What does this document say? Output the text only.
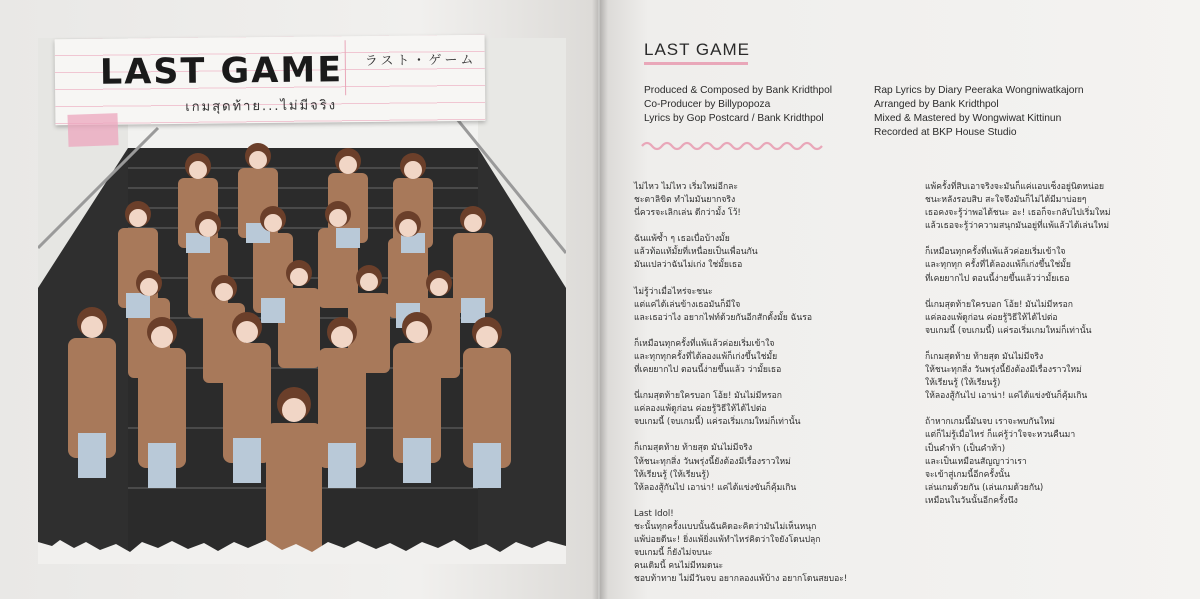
LAST GAME ラスト・ゲーム
เกมสุดท้าย...ไม่มีจริง
LAST GAME
Produced & Composed by Bank Kridthpol
Co-Producer by Billypopoza
Lyrics by Gop Postcard / Bank Kridthpol
Rap Lyrics by Diary Peeraka Wongniwatkajorn
Arranged by Bank Kridthpol
Mixed & Mastered by Wongwiwat Kittinun
Recorded at BKP House Studio
ไม่ไหว ไม่ไหว เริ่มใหม่อีกละ
ชะตาลิขิต ทำไมมันยากจริง
นี่ควรจะเลิกเล่น ดีกว่ามั้ง โว้!
ฉันแพ้ซ้ำ ๆ เธอเบื่อบ้างมั้ย
แล้วท้อแท้มั้ยที่เหนื่อยเป็นเพื่อนกัน
มันแปลว่าฉันไม่เก่ง ใช่มั้ยเธอ
ไม่รู้ว่าเมื่อไหร่จะชนะ
แต่แค่ได้เล่นข้างเธอมันก็มีใจ
และเธอว่าไง อยากไฟท์ด้วยกันอีกสักตั้งมั้ย ฉันรอ
ก็เหมือนทุกครั้งที่แพ้แล้วค่อยเริ่มเข้าใจ
และทุกทุกครั้งที่ได้ลองแพ้ก็เก่งขึ้นใช่มั้ย
ที่เคยยากไป ตอนนี้ง่ายขึ้นแล้ว ว่ามั้ยเธอ
นี่เกมสุดท้ายใครบอก โอ้ย! มันไม่มีหรอก
แค่ลองแพ้ดูก่อน ค่อยรู้วิธีให้ได้ไปต่อ
จบเกมนี้ (จบเกมนี้) แค่รอเริ่มเกมใหม่ก็เท่านั้น
ก็เกมสุดท้าย ท้ายสุด มันไม่มีจริง
ให้ชนะทุกสิ่ง วันพรุ่งนี้ยังต้องมีเรื่องราวใหม่
ให้เรียนรู้ (ให้เรียนรู้)
ให้ลองสู้กันไป เอาน่า! แค่ได้แข่งขันก็คุ้มเกิน
Last Idol!
ชะนั้นทุกครั้งแบบนั้นฉันคิดอะคิดว่ามันไม่เห็นหนุก
แพ้บ่อยดีนะ! ยิ่งแพ้ยิ่งแพ้ทำไหร่คิดว่าใจยังโดนปลุก
จบเกมนี้ ก็ยังไม่จบนะ
คนเดิมนี้ คนไม่มีหมดนะ
ชอบท้าทาย ไม่มีวันจบ อยากลองแพ้บ้าง อยากโดนสยบอะ!
แพ้ครั้งที่สิบเอาจริงจะมันก็แค่แอบเซ็งอยู่นิดหน่อย
ชนะหลังรอบสิบ สะใจจึงมันก็ไม่ได้มีมาบ่อยๆ
เธอคงจะรู้ว่าพอได้ชนะ อะ! เธอก็จะกลับไปเริ่มใหม่
แล้วเธอจะรู้ว่าความสนุกมันอยู่ที่แพ้แล้วได้เล่นใหม่
ก็เหมือนทุกครั้งที่แพ้แล้วค่อยเริ่มเข้าใจ
และทุกทุก ครั้งที่ได้ลองแพ้ก็เก่งขึ้นใช่มั้ย
ที่เคยยากไป ตอนนี้ง่ายขึ้นแล้วว่ามั้ยเธอ
นี่เกมสุดท้ายใครบอก โอ้ย! มันไม่มีหรอก
แค่ลองแพ้ดูก่อน ค่อยรู้วิธีให้ได้ไปต่อ
จบเกมนี้ (จบเกมนี้) แค่รอเริ่มเกมใหม่ก็เท่านั้น
ก็เกมสุดท้าย ท้ายสุด มันไม่มีจริง
ให้ชนะทุกสิ่ง วันพรุ่งนี้ยังต้องมีเรื่องราวใหม่
ให้เรียนรู้ (ให้เรียนรู้)
ให้ลองสู้กันไป เอาน่า! แค่ได้แข่งขันก็คุ้มเกิน
ถ้าหากเกมนี้มันจบ เราจะพบกันใหม่
แต่ก็ไม่รู้เมื่อไหร่ ก็แค่รู้ว่าใจจะหวนคืนมา
เป็นคำท้า (เป็นคำท้า)
และเป็นเหมือนสัญญาว่าเรา
จะเข้าสู่เกมนี้อีกครั้งนั้น
เล่นเกมด้วยกัน (เล่นเกมด้วยกัน)
เหมือนในวันนั้นอีกครั้งนึง
